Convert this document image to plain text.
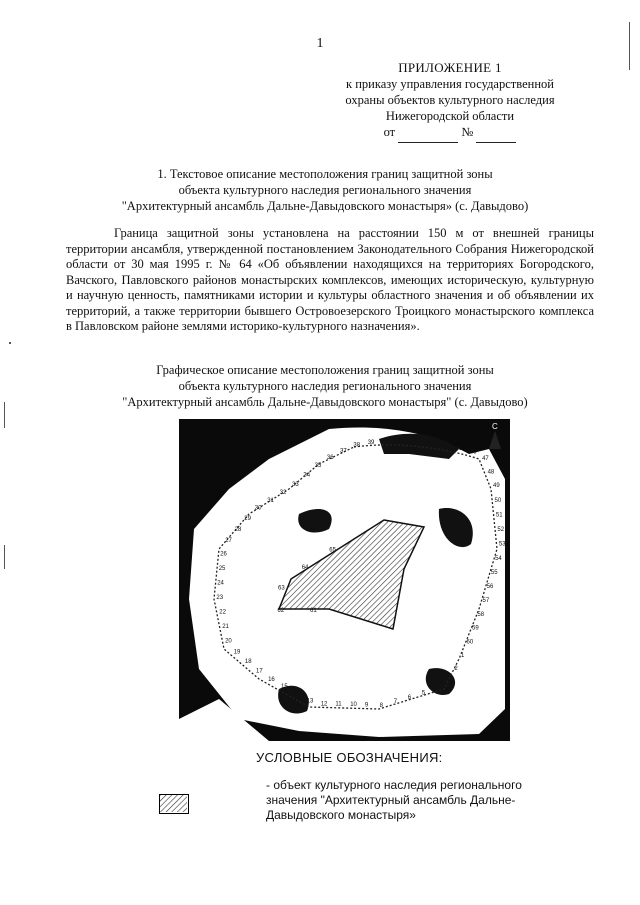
1
ПРИЛОЖЕНИЕ 1
к приказу управления государственной
охраны объектов культурного наследия
Нижегородской области
от	№
1. Текстовое описание местоположения границ защитной зоны
объекта культурного наследия регионального значения
"Архитектурный ансамбль Дальне-Давыдовского монастыря» (с. Давыдово)
Граница защитной зоны установлена на расстоянии 150 м от внешней границы территории ансамбля, утвержденной постановлением Законодательного Собрания Нижегородской области от 30 мая 1995 г. № 64 «Об объявлении находящихся на территориях Богородского, Вачского, Павловского районов монастырских комплексов, имеющих историческую, культурную и научную ценность, памятниками истории и культуры областного значения и об объявлении их территорий, а также территории бывшего Островоезерского Троицкого монастырского комплекса в Павловском районе землями историко-культурного назначения».
Графическое описание местоположения границ защитной зоны
объекта культурного наследия регионального значения
"Архитектурный ансамбль Дальне-Давыдовского монастыря" (с. Давыдово)
С
1
2
3
4
5
6
7
8
9
10
11
12
13
14
15
16
17
18
19
20
21
22
23
24
25
26
27
28
29
30
31
32
33
34
35
36
37
38 39 40 41 42 43 44 45
46
47
48
49
50
51
52
53
54
55
56
57
58
59
60
61
62
63
64
65
УСЛОВНЫЕ ОБОЗНАЧЕНИЯ:
- объект культурного наследия регионального
значения "Архитектурный ансамбль Дальне-
Давыдовского монастыря»
